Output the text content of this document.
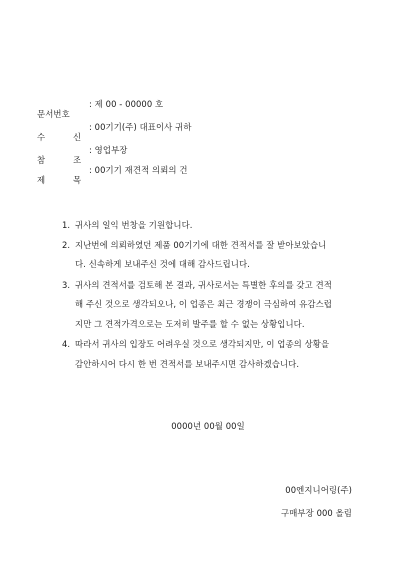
문서번호
: 제 00 - 00000 호
수	신
: 00기기(주) 대표이사 귀하
참	조
: 영업부장
제	목
: 00기기 재견적 의뢰의 건
1. 귀사의 일익 번창을 기원합니다.
2. 지난번에 의뢰하였던 제품 00기기에 대한 견적서를 잘 받아보았습니
다. 신속하게 보내주신 것에 대해 감사드립니다.
3. 귀사의 견적서를 검토해 본 결과, 귀사로서는 특별한 후의를 갖고 견적
해 주신 것으로 생각되오나, 이 업종은 최근 경쟁이 극심하여 유감스럽
지만 그 견적가격으로는 도저히 발주를 할 수 없는 상황입니다.
4. 따라서 귀사의 입장도 어려우실 것으로 생각되지만, 이 업종의 상황을
감안하시어 다시 한 번 견적서를 보내주시면 감사하겠습니다.
0000년 00월 00일
00엔지니어링(주)
구매부장 000 올림
